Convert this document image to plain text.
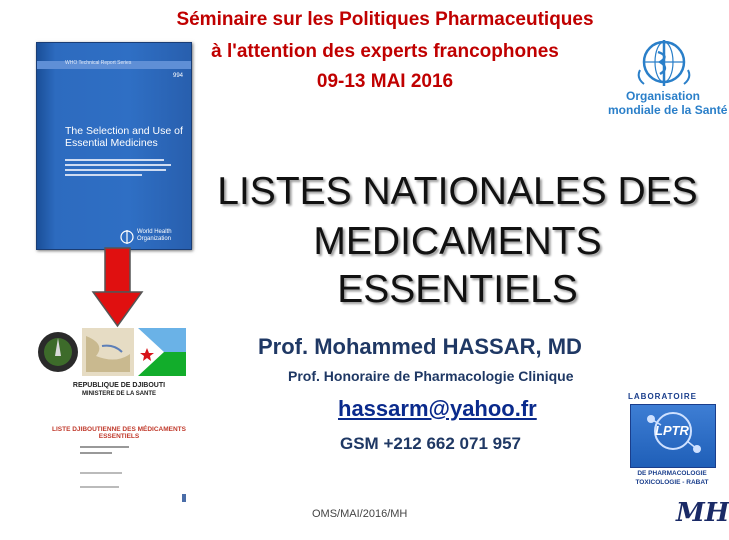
Séminaire sur les Politiques Pharmaceutiques
à l'attention des experts francophones
09-13 MAI 2016
Organisation
mondiale de la Santé
WHO Technical Report Series
994
The Selection and Use of Essential Medicines
World Health
Organization
LISTES NATIONALES DES
MEDICAMENTS ESSENTIELS
Prof. Mohammed HASSAR, MD
Prof. Honoraire de Pharmacologie Clinique
hassarm@yahoo.fr
GSM +212 662 071 957
REPUBLIQUE DE DJIBOUTI
MINISTERE DE LA SANTE
LISTE DJIBOUTIENNE DES MÉDICAMENTS ESSENTIELS
LABORATOIRE
LPTR
DE PHARMACOLOGIE
TOXICOLOGIE - RABAT
OMS/MAI/2016/MH	MH
